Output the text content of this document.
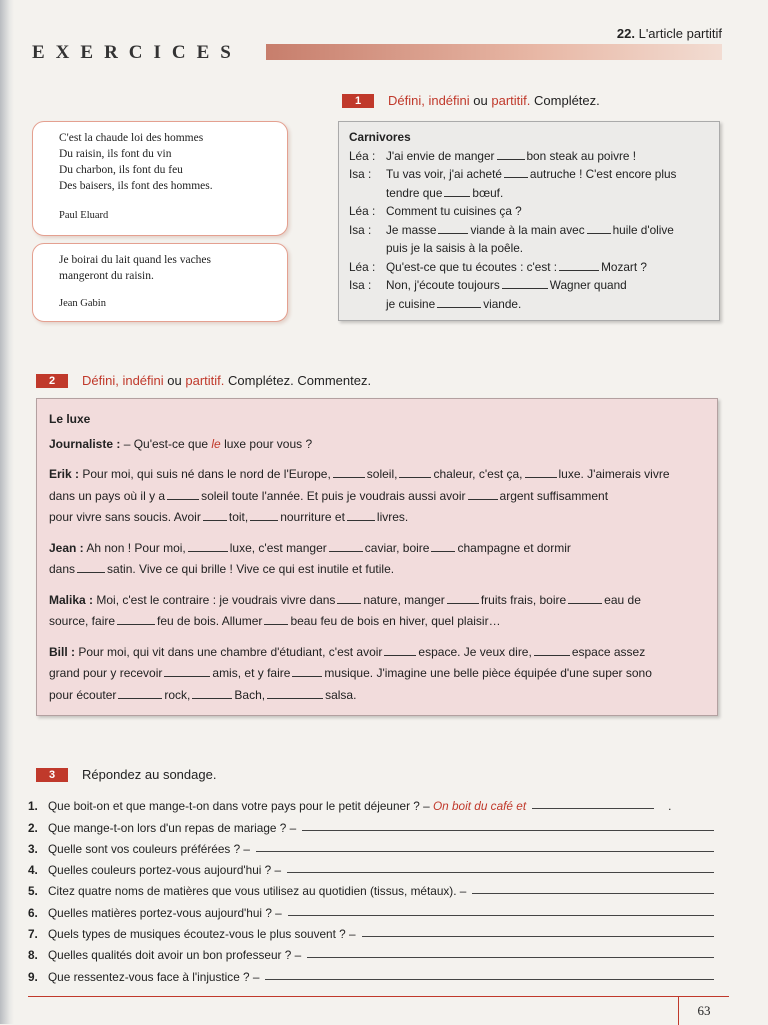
EXERCICES
22. L'article partitif
C'est la chaude loi des hommes
Du raisin, ils font du vin
Du charbon, ils font du feu
Des baisers, ils font des hommes.
Paul Eluard
Je boirai du lait quand les vaches
mangeront du raisin.
Jean Gabin
1	Défini, indéfini
ou
partitif.
Complétez.
Carnivores
Léa : J'ai envie de manger	bon steak au poivre !
Isa :	Tu vas voir, j'ai acheté autruche ! C'est encore plus
tendre que	bœuf.
Léa : Comment tu cuisines ça ?
Isa :	Je masse	viande à la main avec huile d'olive
puis je la saisis à la poêle.
Léa : Qu'est-ce que tu écoutes : c'est :	Mozart ?
Isa :	Non, j'écoute toujours	Wagner quand
je cuisine	viande.
2	Défini, indéfini
ou
partitif.
Complétez. Commentez.
Le luxe

Journaliste : – Qu'est-ce que le luxe pour vous ?

Erik : Pour moi, qui suis né dans le nord de l'Europe,	soleil,	chaleur, c'est ça,	luxe. J'aimerais vivre
dans un pays où il y a	soleil toute l'année. Et puis je voudrais aussi avoir	argent suffisamment
pour vivre sans soucis. Avoir toit,	nourriture et	livres.

Jean : Ah non ! Pour moi,	luxe, c'est manger	caviar, boire champagne et dormir
dans	satin. Vive ce qui brille ! Vive ce qui est inutile et futile.

Malika : Moi, c'est le contraire : je voudrais vivre dans nature, manger	fruits frais, boire	eau de
source, faire	feu de bois. Allumer beau feu de bois en hiver, quel plaisir…

Bill : Pour moi, qui vit dans une chambre d'étudiant, c'est avoir	espace. Je veux dire,	espace assez
grand pour y recevoir	amis, et y faire	musique. J'imagine une belle pièce équipée d'une super sono
pour écouter	rock,	Bach,	salsa.

3	Répondez au sondage.
1. Que boit-on et que mange-t-on dans votre pays pour le petit déjeuner ? –
On boit du café et	.
2. Que mange-t-on lors d'un repas de mariage ? –
3. Quelle sont vos couleurs préférées ? –
4. Quelles couleurs portez-vous aujourd'hui ? –
5. Citez quatre noms de matières que vous utilisez au quotidien (tissus, métaux). –
6. Quelles matières portez-vous aujourd'hui ? –
7. Quels types de musiques écoutez-vous le plus souvent ? –
8. Quelles qualités doit avoir un bon professeur ? –
9. Que ressentez-vous face à l'injustice ? –
63
